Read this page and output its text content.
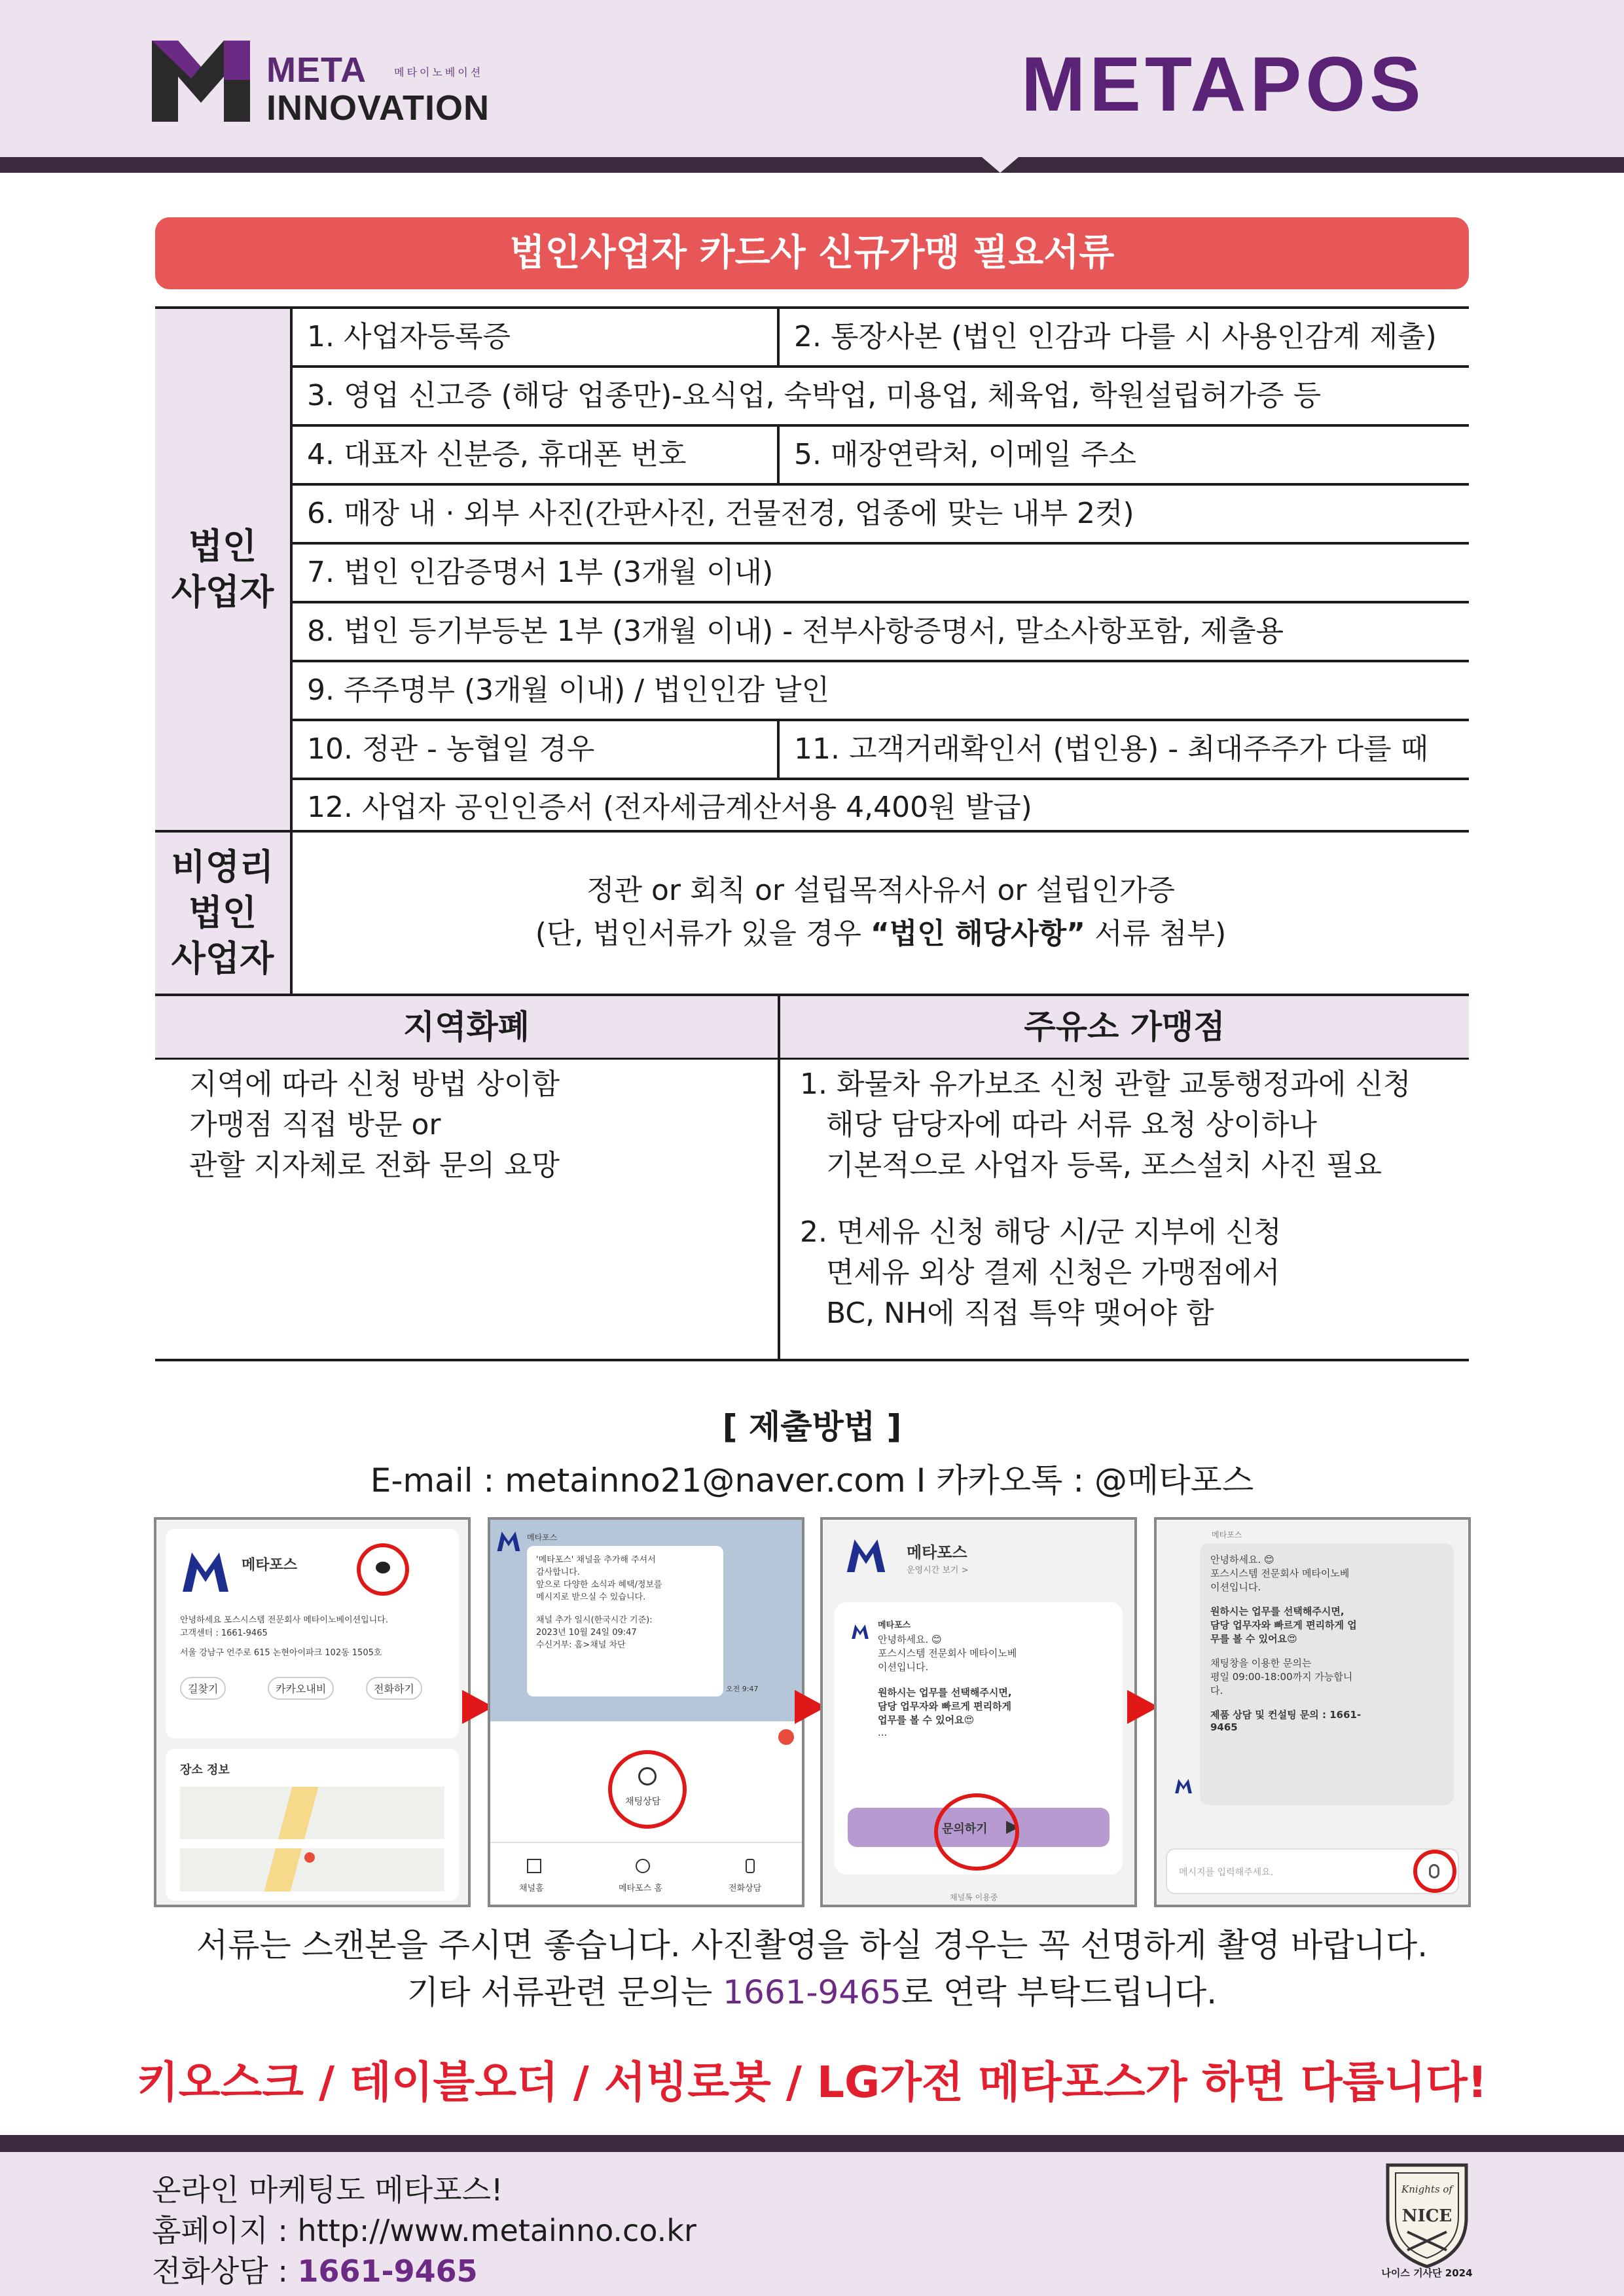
META	메타이노베이션
INNOVATION	METAPOS
법인사업자 카드사 신규가맹 필요서류
법인
사업자
1. 사업자등록증	2. 통장사본 (법인 인감과 다를 시 사용인감계 제출)
3. 영업 신고증 (해당 업종만)-요식업, 숙박업, 미용업, 체육업, 학원설립허가증 등
4. 대표자 신분증, 휴대폰 번호	5. 매장연락처, 이메일 주소
6. 매장 내 · 외부 사진(간판사진, 건물전경, 업종에 맞는 내부 2컷)
7. 법인 인감증명서 1부 (3개월 이내)
8. 법인 등기부등본 1부 (3개월 이내) - 전부사항증명서, 말소사항포함, 제출용
9. 주주명부 (3개월 이내) / 법인인감 날인
10. 정관 - 농협일 경우	11. 고객거래확인서 (법인용) - 최대주주가 다를 때
12. 사업자 공인인증서 (전자세금계산서용 4,400원 발급)
비영리
법인
사업자
정관 or 회칙 or 설립목적사유서 or 설립인가증
(단, 법인서류가 있을 경우 “법인 해당사항” 서류 첨부)
지역화폐	주유소 가맹점
지역에 따라 신청 방법 상이함
가맹점 직접 방문 or
관할 지자체로 전화 문의 요망
1. 화물차 유가보조 신청 관할 교통행정과에 신청
해당 담당자에 따라 서류 요청 상이하나
기본적으로 사업자 등록, 포스설치 사진 필요
2. 면세유 신청 해당 시/군 지부에 신청
면세유 외상 결제 신청은 가맹점에서
BC, NH에 직접 특약 맺어야 함
[ 제출방법 ]
E-mail : metainno21@naver.com I 카카오톡 : @메타포스
메타포스
안녕하세요 포스시스템 전문회사 메타이노베이션입니다.
고객센터 : 1661-9465
서울 강남구 언주로 615 논현아이파크 102동 1505호
길찾기	카카오내비	전화하기
장소 정보
메타포스
'메타포스' 채널을 추가해 주셔서
감사합니다.
앞으로 다양한 소식과 혜택/정보를
메시지로 받으실 수 있습니다.
채널 추가 일시(한국시간 기준):
2023년 10월 24일 09:47
수신거부: 홈>채널 차단
오전 9:47
채팅상담
채널홈	메타포스 홈	전화상담
메타포스
운영시간 보기 >
메타포스
안녕하세요. 😊
포스시스템 전문회사 메타이노베
이션입니다.
원하시는 업무를 선택해주시면,
담당 업무자와 빠르게 편리하게
업무를 볼 수 있어요😍
...
문의하기
채널톡 이용중
메타포스
안녕하세요. 😊
포스시스템 전문회사 메타이노베
이션입니다.
원하시는 업무를 선택해주시면,
담당 업무자와 빠르게 편리하게 업
무를 볼 수 있어요😍
채팅창을 이용한 문의는
평일 09:00-18:00까지 가능합니
다.
제품 상담 및 컨설팅 문의 : 1661-
9465
메시지를 입력해주세요.
서류는 스캔본을 주시면 좋습니다. 사진촬영을 하실 경우는 꼭 선명하게 촬영 바랍니다.
기타 서류관련 문의는 1661-9465로 연락 부탁드립니다.
키오스크 / 테이블오더 / 서빙로봇 / LG가전 메타포스가 하면 다릅니다!
온라인 마케팅도 메타포스!
홈페이지 : http://www.metainno.co.kr
전화상담 : 1661-9465
Knights of
NICE
나이스 기사단 2024
